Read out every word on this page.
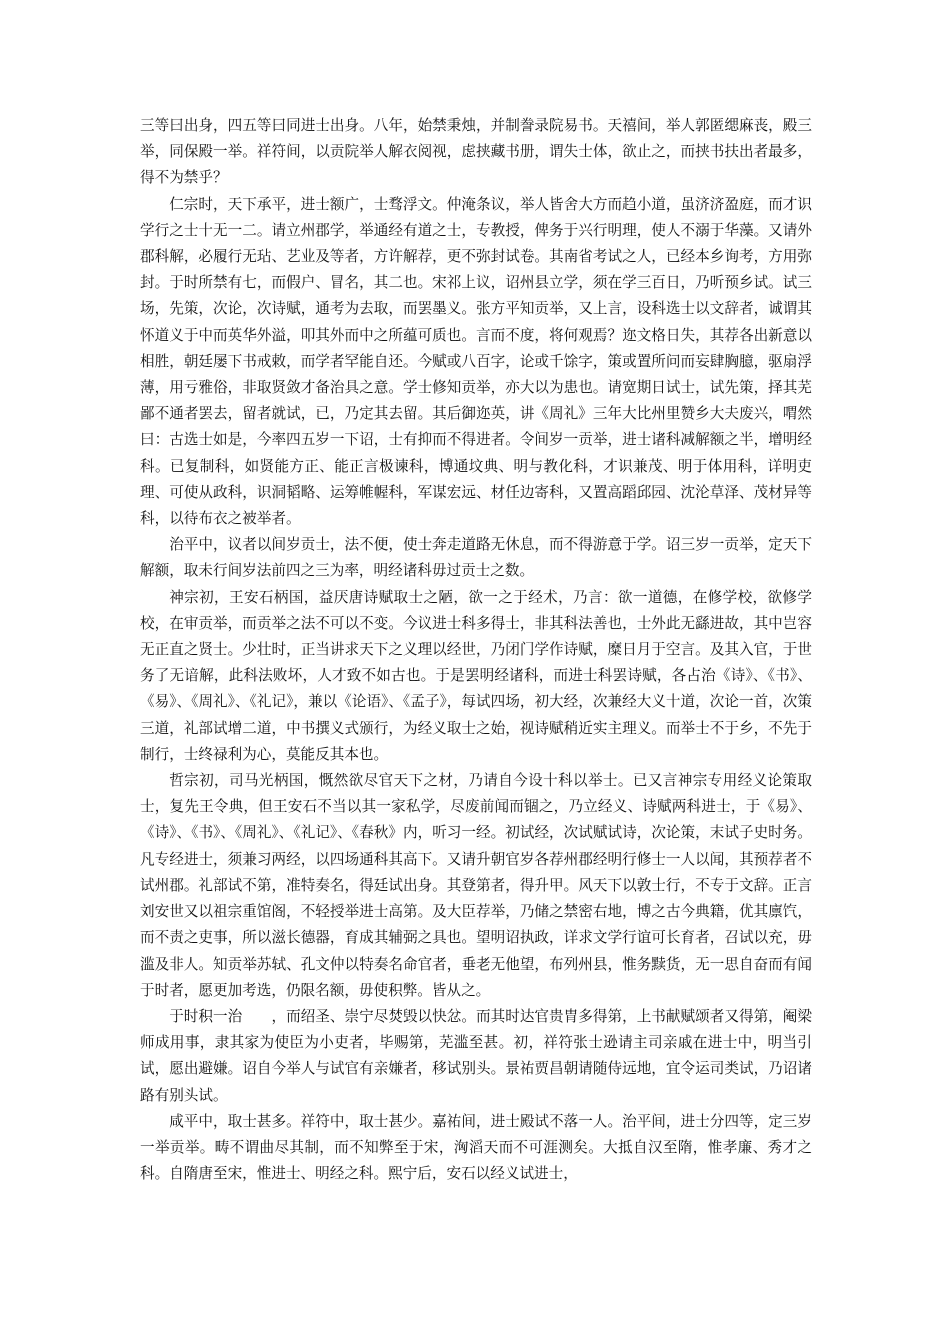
三等曰出身，四五等曰同进士出身。八年，始禁秉烛，并制誊录院易书。天禧间，举人郭匿缌麻丧，殿三举，同保殿一举。祥符间，以贡院举人解衣阅视，虑挟藏书册，谓失士体，欲止之，而挟书扶出者最多，得不为禁乎？

仁宗时，天下承平，进士额广，士骛浮文。仲淹条议，举人皆舍大方而趋小道，虽济济盈庭，而才识学行之士十无一二。请立州郡学，举通经有道之士，专教授，俾务于兴行明理，使人不溺于华藻。又请外郡科解，必履行无玷、艺业及等者，方许解荐，更不弥封试卷。其南省考试之人，已经本乡询考，方用弥封。于时所禁有七，而假户、冒名，其二也。宋祁上议，诏州县立学，须在学三百日，乃听预乡试。试三场，先策，次论，次诗赋，通考为去取，而罢墨义。张方平知贡举，又上言，设科选士以文辞者，诚谓其怀道义于中而英华外溢，叩其外而中之所蕴可质也。言而不度，将何观焉？迩文格日失，其荐各出新意以相胜，朝廷屡下书戒敕，而学者罕能自还。今赋或八百字，论或千馀字，策或置所问而妄肆胸臆，驱扇浮薄，用亏雅俗，非取贤敛才备治具之意。学士修知贡举，亦大以为患也。请宽期日试士，试先策，择其芜鄙不通者罢去，留者就试，已，乃定其去留。其后御迩英，讲《周礼》三年大比州里赞乡大夫废兴，喟然曰：古选士如是，今率四五岁一下诏，士有抑而不得进者。令间岁一贡举，进士诸科减解额之半，增明经科。已复制科，如贤能方正、能正言极谏科，博通坟典、明与教化科，才识兼茂、明于体用科，详明吏理、可使从政科，识洞韬略、运筹帷幄科，军谋宏远、材任边寄科，又置高蹈邱园、沈沦草泽、茂材异等科，以待布衣之被举者。

治平中，议者以间岁贡士，法不便，使士奔走道路无休息，而不得游意于学。诏三岁一贡举，定天下解额，取未行间岁法前四之三为率，明经诸科毋过贡士之数。

神宗初，王安石柄国，益厌唐诗赋取士之陋，欲一之于经术，乃言：欲一道德，在修学校，欲修学校，在审贡举，而贡举之法不可以不变。今议进士科多得士，非其科法善也，士外此无繇进故，其中岂容无正直之贤士。少壮时，正当讲求天下之义理以经世，乃闭门学作诗赋，糜日月于空言。及其入官，于世务了无谙解，此科法败坏，人才致不如古也。于是罢明经诸科，而进士科罢诗赋，各占治《诗》、《书》、《易》、《周礼》、《礼记》，兼以《论语》、《孟子》，每试四场，初大经，次兼经大义十道，次论一首，次策三道，礼部试增二道，中书撰义式颁行，为经义取士之始，视诗赋稍近实主理义。而举士不于乡，不先于制行，士终禄利为心，莫能反其本也。

哲宗初，司马光柄国，慨然欲尽官天下之材，乃请自今设十科以举士。已又言神宗专用经义论策取士，复先王令典，但王安石不当以其一家私学，尽废前闻而锢之，乃立经义、诗赋两科进士，于《易》、《诗》、《书》、《周礼》、《礼记》、《春秋》内，听习一经。初试经，次试赋试诗，次论策，末试子史时务。凡专经进士，须兼习两经，以四场通科其高下。又请升朝官岁各荐州郡经明行修士一人以闻，其预荐者不试州郡。礼部试不第，准特奏名，得廷试出身。其登第者，得升甲。风天下以敦士行，不专于文辞。正言刘安世又以祖宗重馆阁，不轻授举进士高第。及大臣荐举，乃储之禁密右地，博之古今典籍，优其廪饩，而不责之吏事，所以滋长德器，育成其辅弼之具也。望明诏执政，详求文学行谊可长育者，召试以充，毋滥及非人。知贡举苏轼、孔文仲以特奏名命官者，垂老无他望，布列州县，惟务黩货，无一思自奋而有闻于时者，愿更加考选，仍限名额，毋使积弊。皆从之。

于时积一治　　，而绍圣、崇宁尽焚毁以快忿。而其时达官贵胄多得第，上书献赋颂者又得第，阉梁师成用事，隶其家为使臣为小吏者，毕赐第，芜滥至甚。初，祥符张士逊请主司亲戚在进士中，明当引试，愿出避嫌。诏自今举人与试官有亲嫌者，移试别头。景祐贾昌朝请随侍远地，宜令运司类试，乃诏诸路有别头试。

咸平中，取士甚多。祥符中，取士甚少。嘉祐间，进士殿试不落一人。治平间，进士分四等，定三岁一举贡举。畴不谓曲尽其制，而不知弊至于宋，洶滔天而不可涯测矣。大抵自汉至隋，惟孝廉、秀才之科。自隋唐至宋，惟进士、明经之科。熙宁后，安石以经义试进士，
